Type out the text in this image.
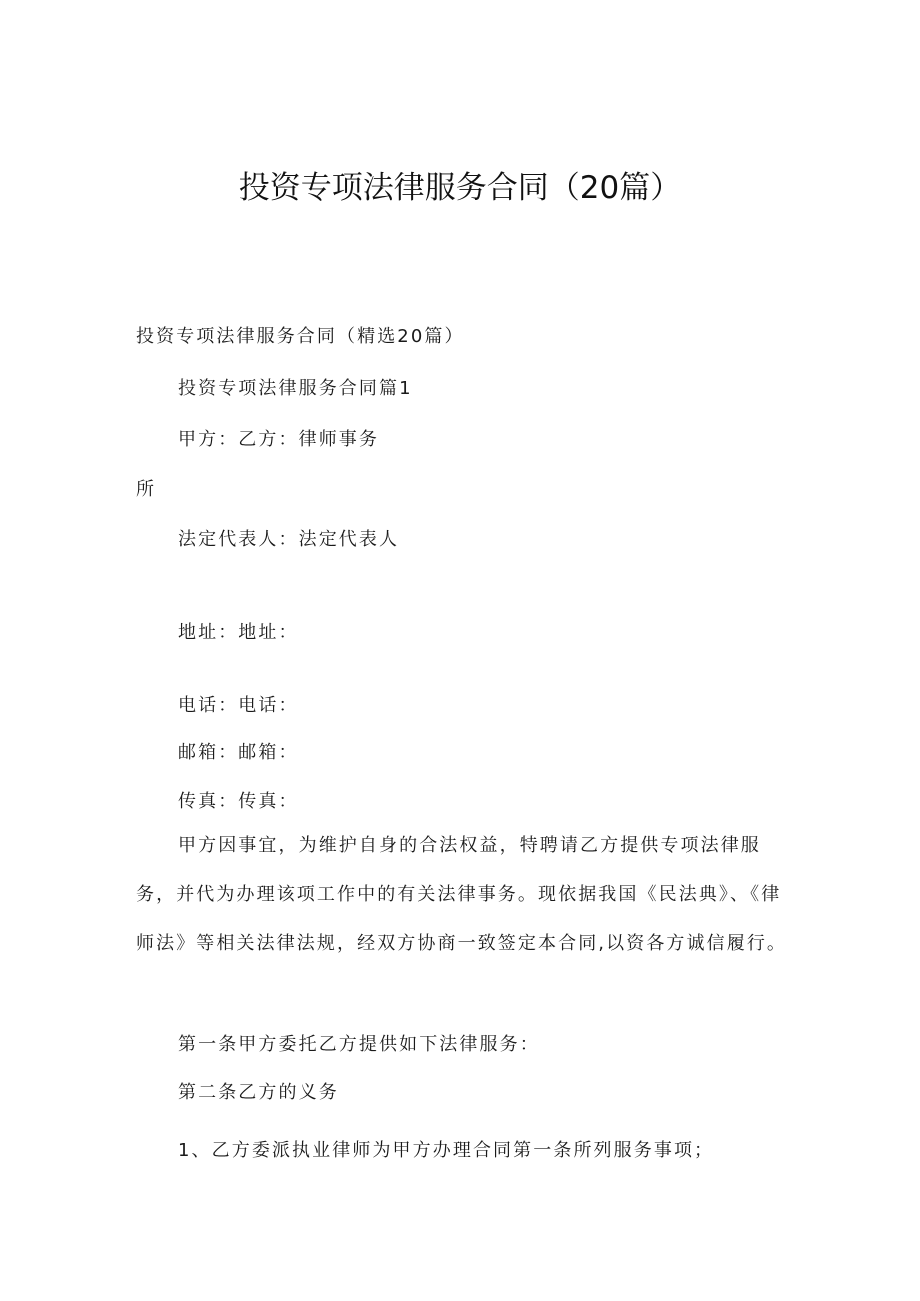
投资专项法律服务合同（20篇）
投资专项法律服务合同（精选20篇）
投资专项法律服务合同篇1
甲方：乙方：律师事务
所
法定代表人：法定代表人
地址：地址：
电话：电话：
邮箱：邮箱：
传真：传真：
甲方因事宜，为维护自身的合法权益，特聘请乙方提供专项法律服务，并代为办理该项工作中的有关法律事务。现依据我国《民法典》、《律师法》等相关法律法规，经双方协商一致签定本合同,以资各方诚信履行。
第一条甲方委托乙方提供如下法律服务：
第二条乙方的义务
1、乙方委派执业律师为甲方办理合同第一条所列服务事项；
